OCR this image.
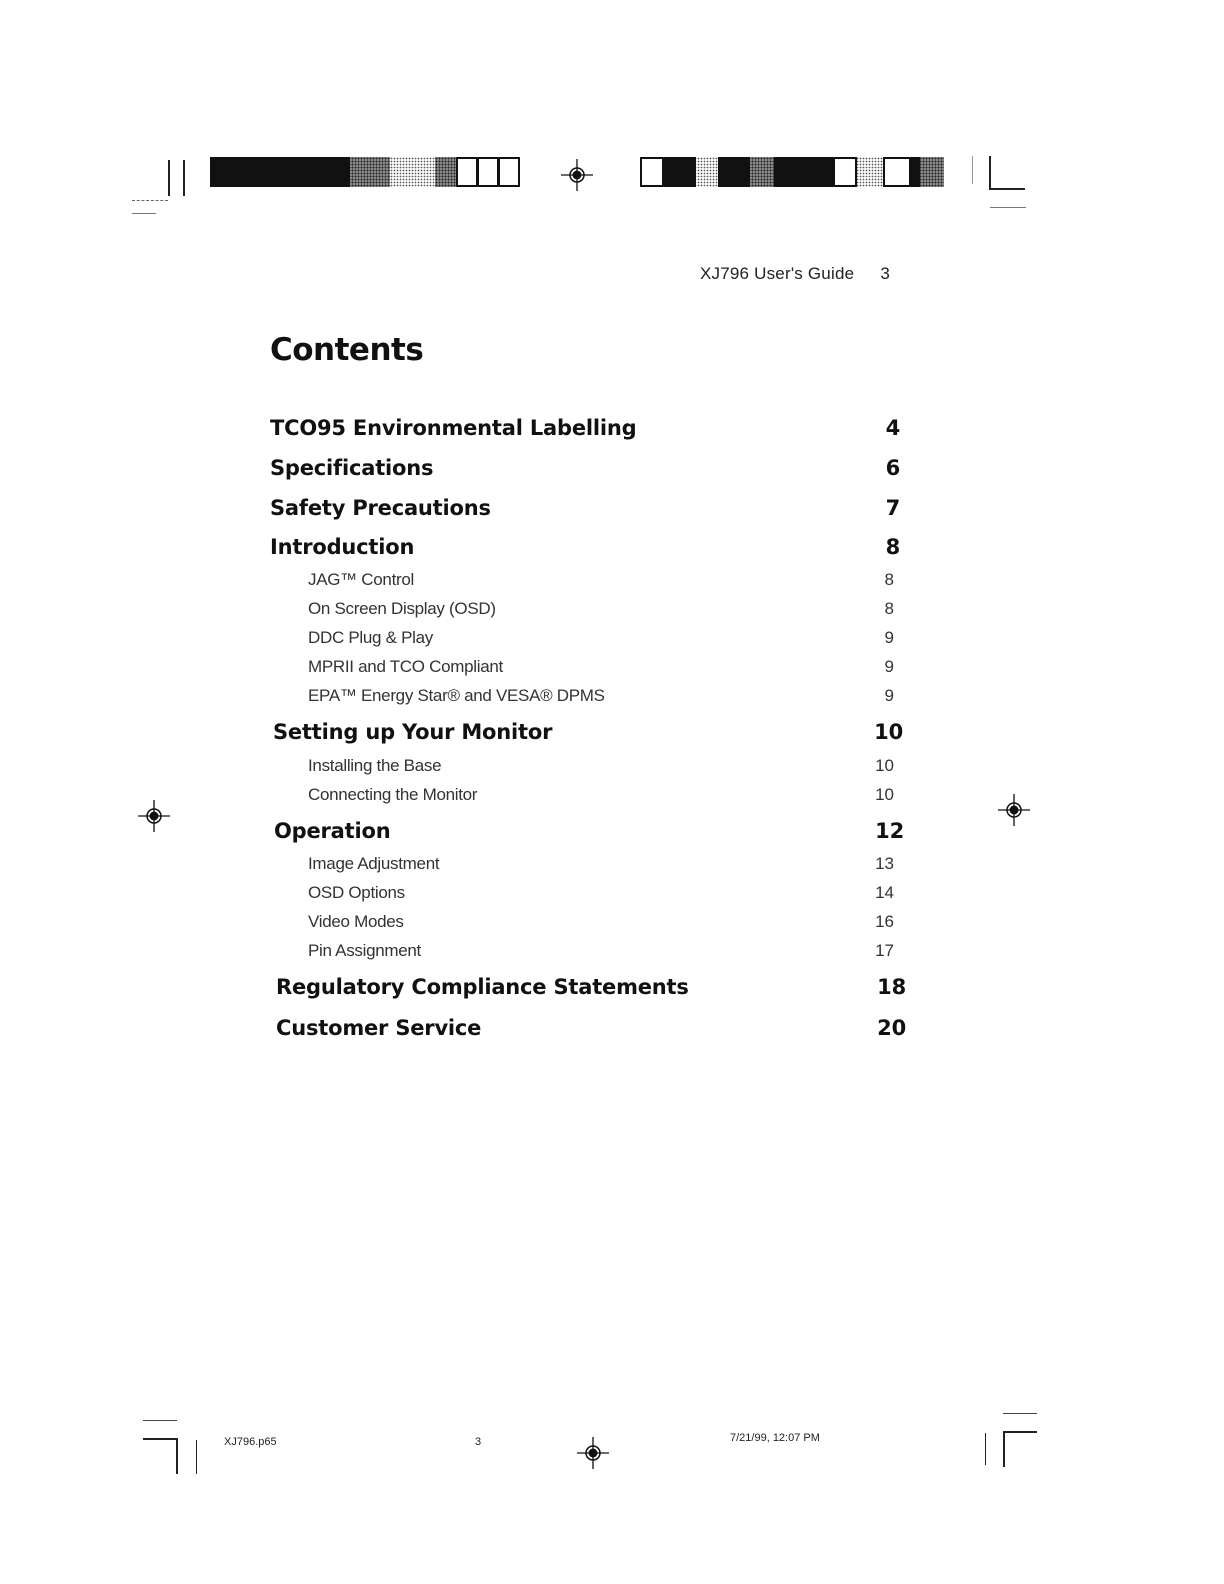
XJ796 User's Guide 3
Contents
TCO95 Environmental Labelling	4
Specifications	6
Safety Precautions	7
Introduction	8
JAG™ Control	8
On Screen Display (OSD)	8
DDC Plug & Play	9
MPRII and TCO Compliant	9
EPA™ Energy Star® and VESA® DPMS	9
Setting up Your Monitor	10
Installing the Base	10
Connecting the Monitor	10
Operation	12
Image Adjustment	13
OSD Options	14
Video Modes	16
Pin Assignment	17
Regulatory Compliance Statements	18
Customer Service	20
XJ796.p65	3	7/21/99, 12:07 PM
